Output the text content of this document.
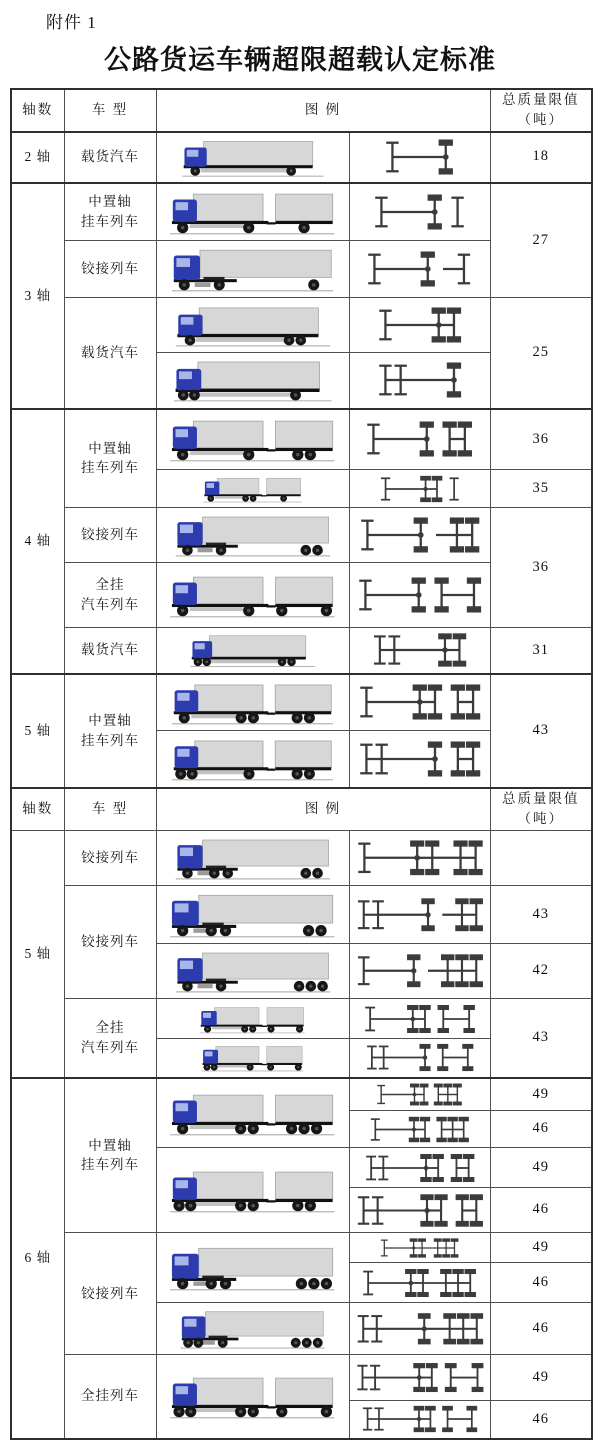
附件 1
公路货运车辆超限超载认定标准
轴数	车 型	图 例		总质量限值
（吨）
2 轴	载货汽车			18
3 轴	中置轴
挂车列车			27
	铰接列车	

	载货汽车			25

4 轴	中置轴
挂车列车			36

	35
	铰接列车			36
	全挂
汽车列车	

	载货汽车			31
5 轴	中置轴
挂车列车			43

轴数	车 型	图 例		总质量限值
（吨）
5 轴	铰接列车	

	铰接列车			43

	42
	全挂
汽车列车			43

6 轴	中置轴
挂车列车			49

	46

	49

	46
	铰接列车			49

	46

	46
	全挂列车			49

	46
